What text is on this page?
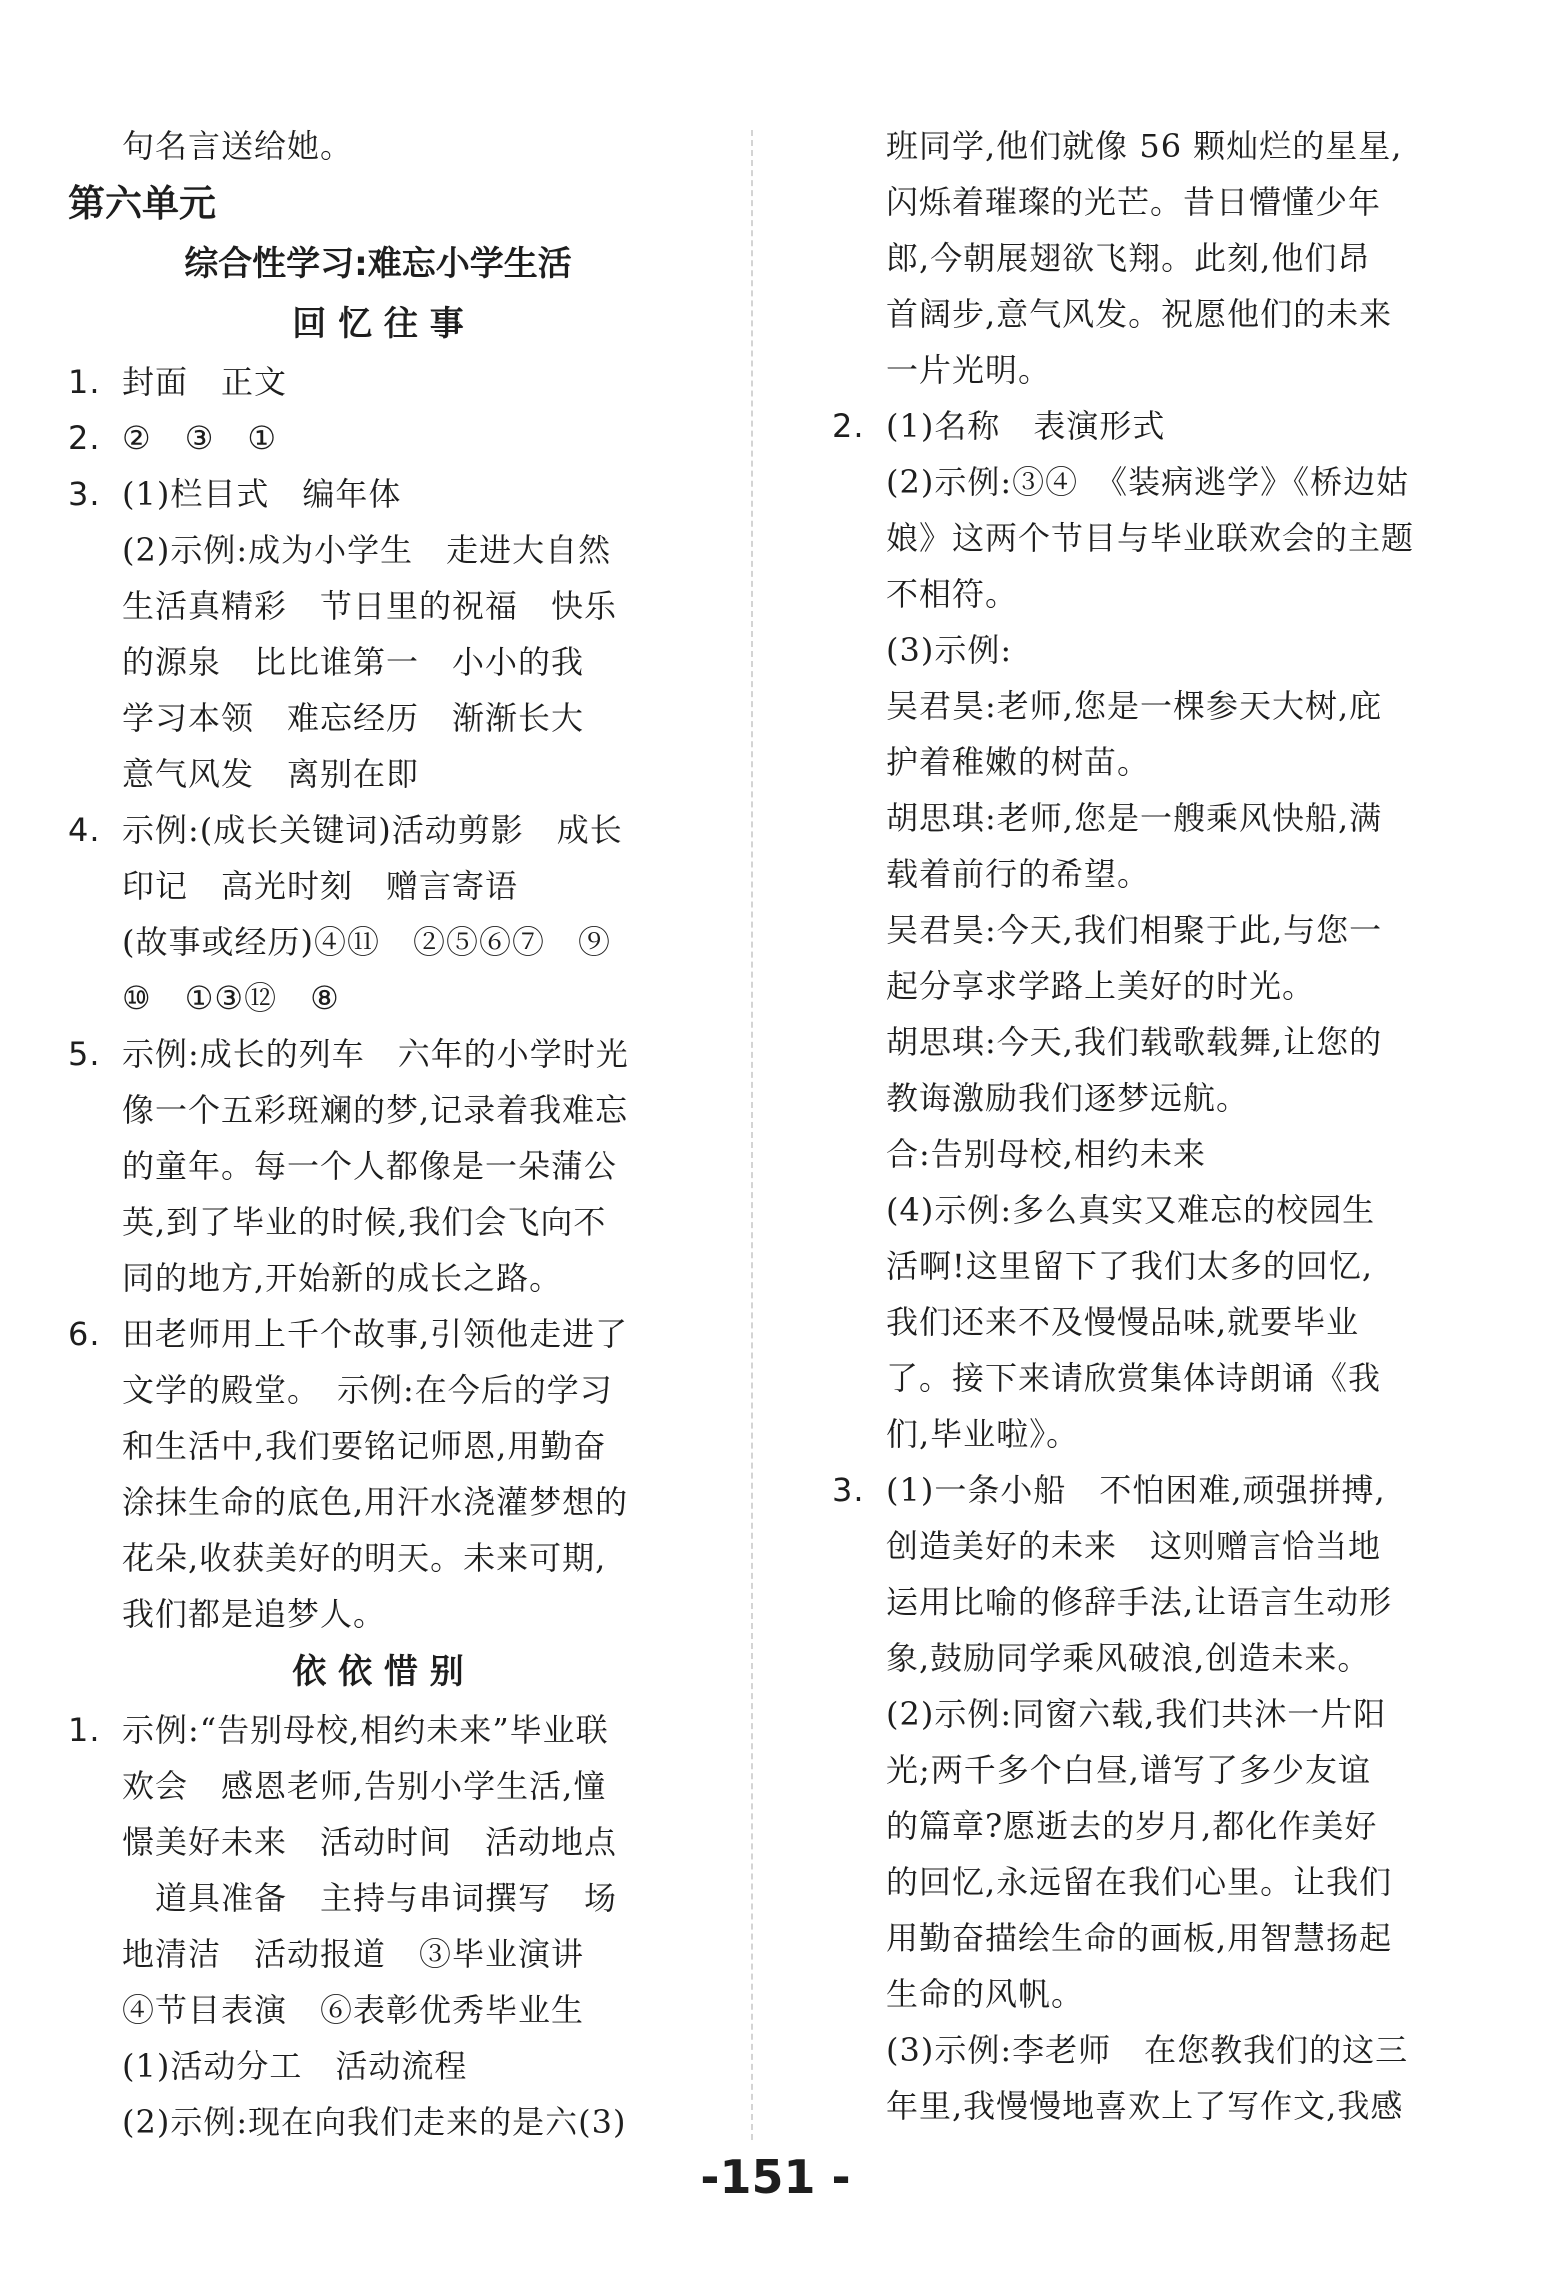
句名言送给她。
第六单元
综合性学习:难忘小学生活
回 忆 往 事
1. 封面　正文
2. ②　③　①
3. (1)栏目式　编年体
(2)示例:成为小学生　走进大自然
生活真精彩　节日里的祝福　快乐
的源泉　比比谁第一　小小的我
学习本领　难忘经历　渐渐长大
意气风发　离别在即
4. 示例:(成长关键词)活动剪影　成长
印记　高光时刻　赠言寄语
(故事或经历)④⑪　②⑤⑥⑦　⑨
⑩　①③⑫　⑧
5. 示例:成长的列车　六年的小学时光
像一个五彩斑斓的梦,记录着我难忘
的童年。每一个人都像是一朵蒲公
英,到了毕业的时候,我们会飞向不
同的地方,开始新的成长之路。
6. 田老师用上千个故事,引领他走进了
文学的殿堂。　示例:在今后的学习
和生活中,我们要铭记师恩,用勤奋
涂抹生命的底色,用汗水浇灌梦想的
花朵,收获美好的明天。未来可期,
我们都是追梦人。
依 依 惜 别
1. 示例:“告别母校,相约未来”毕业联
欢会　感恩老师,告别小学生活,憧
憬美好未来　活动时间　活动地点
　道具准备　主持与串词撰写　场
地清洁　活动报道　③毕业演讲
④节目表演　⑥表彰优秀毕业生
(1)活动分工　活动流程
(2)示例:现在向我们走来的是六(3)
班同学,他们就像 56 颗灿烂的星星,
闪烁着璀璨的光芒。昔日懵懂少年
郎,今朝展翅欲飞翔。此刻,他们昂
首阔步,意气风发。祝愿他们的未来
一片光明。
2. (1)名称　表演形式
(2)示例:③④　《装病逃学》《桥边姑
娘》这两个节目与毕业联欢会的主题
不相符。
(3)示例:
吴君昊:老师,您是一棵参天大树,庇
护着稚嫩的树苗。
胡思琪:老师,您是一艘乘风快船,满
载着前行的希望。
吴君昊:今天,我们相聚于此,与您一
起分享求学路上美好的时光。
胡思琪:今天,我们载歌载舞,让您的
教诲激励我们逐梦远航。
合:告别母校,相约未来
(4)示例:多么真实又难忘的校园生
活啊!这里留下了我们太多的回忆,
我们还来不及慢慢品味,就要毕业
了。接下来请欣赏集体诗朗诵《我
们,毕业啦》。
3. (1)一条小船　不怕困难,顽强拼搏,
创造美好的未来　这则赠言恰当地
运用比喻的修辞手法,让语言生动形
象,鼓励同学乘风破浪,创造未来。
(2)示例:同窗六载,我们共沐一片阳
光;两千多个白昼,谱写了多少友谊
的篇章?愿逝去的岁月,都化作美好
的回忆,永远留在我们心里。让我们
用勤奋描绘生命的画板,用智慧扬起
生命的风帆。
(3)示例:李老师　在您教我们的这三
年里,我慢慢地喜欢上了写作文,我感
-151 -
